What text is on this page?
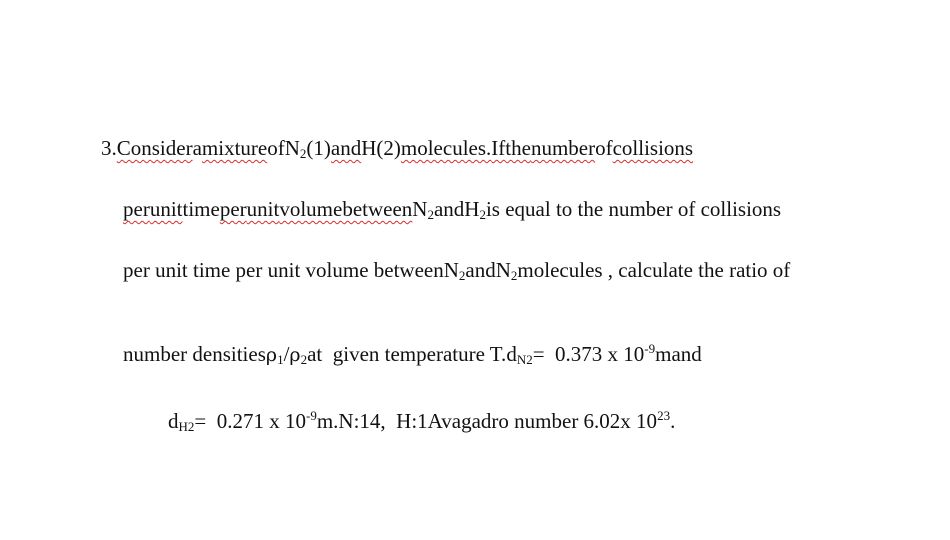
3.ConsideramixtureofN$_2$(1)andH(2)molecules.Ifthenumberofcollisions

perunittimeperunitvolumebetweenN$_2$andH$_2$is equal to the number of collisions

per unit time per unit volume betweenN$_2$andN$_2$molecules , calculate the ratio of

number $densities\rho_1/\rho_2at$  given temperature $T.d_{N2}= 0.373$ x $10^{-9}mand$

$d_{H2}= 0.271$ x $10^{-9}m.N:14$,  H:1Avagadro number 6.02x $10^{23}$.
